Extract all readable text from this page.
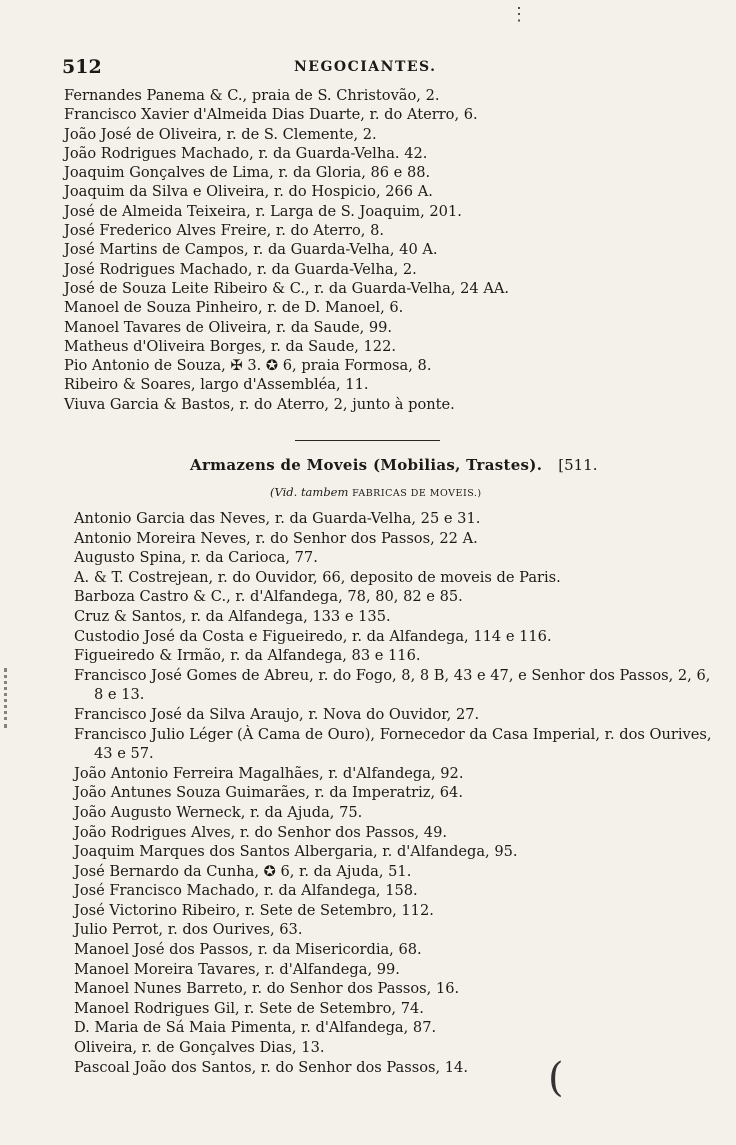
⋮
512	NEGOCIANTES.
Fernandes Panema & C., praia de S. Christovão, 2.
Francisco Xavier d'Almeida Dias Duarte, r. do Aterro, 6.
João José de Oliveira, r. de S. Clemente, 2.
João Rodrigues Machado, r. da Guarda-Velha. 42.
Joaquim Gonçalves de Lima, r. da Gloria, 86 e 88.
Joaquim da Silva e Oliveira, r. do Hospicio, 266 A.
José de Almeida Teixeira, r. Larga de S. Joaquim, 201.
José Frederico Alves Freire, r. do Aterro, 8.
José Martins de Campos, r. da Guarda-Velha, 40 A.
José Rodrigues Machado, r. da Guarda-Velha, 2.
José de Souza Leite Ribeiro & C., r. da Guarda-Velha, 24 AA.
Manoel de Souza Pinheiro, r. de D. Manoel, 6.
Manoel Tavares de Oliveira, r. da Saude, 99.
Matheus d'Oliveira Borges, r. da Saude, 122.
Pio Antonio de Souza, ✠ 3. ✪ 6, praia Formosa, 8.
Ribeiro & Soares, largo d'Assembléa, 11.
Viuva Garcia & Bastos, r. do Aterro, 2, junto à ponte.
Armazens de Moveis (Mobilias, Trastes). [511.
(Vid. tambem FABRICAS DE MOVEIS.)
Antonio Garcia das Neves, r. da Guarda-Velha, 25 e 31.
Antonio Moreira Neves, r. do Senhor dos Passos, 22 A.
Augusto Spina, r. da Carioca, 77.
A. & T. Costrejean, r. do Ouvidor, 66, deposito de moveis de Paris.
Barboza Castro & C., r. d'Alfandega, 78, 80, 82 e 85.
Cruz & Santos, r. da Alfandega, 133 e 135.
Custodio José da Costa e Figueiredo, r. da Alfandega, 114 e 116.
Figueiredo & Irmão, r. da Alfandega, 83 e 116.
Francisco José Gomes de Abreu, r. do Fogo, 8, 8 B, 43 e 47, e Senhor dos Passos, 2, 6, 8 e 13.
Francisco José da Silva Araujo, r. Nova do Ouvidor, 27.
Francisco Julio Léger (À Cama de Ouro), Fornecedor da Casa Imperial, r. dos Ourives, 43 e 57.
João Antonio Ferreira Magalhães, r. d'Alfandega, 92.
João Antunes Souza Guimarães, r. da Imperatriz, 64.
João Augusto Werneck, r. da Ajuda, 75.
João Rodrigues Alves, r. do Senhor dos Passos, 49.
Joaquim Marques dos Santos Albergaria, r. d'Alfandega, 95.
José Bernardo da Cunha, ✪ 6, r. da Ajuda, 51.
José Francisco Machado, r. da Alfandega, 158.
José Victorino Ribeiro, r. Sete de Setembro, 112.
Julio Perrot, r. dos Ourives, 63.
Manoel José dos Passos, r. da Misericordia, 68.
Manoel Moreira Tavares, r. d'Alfandega, 99.
Manoel Nunes Barreto, r. do Senhor dos Passos, 16.
Manoel Rodrigues Gil, r. Sete de Setembro, 74.
D. Maria de Sá Maia Pimenta, r. d'Alfandega, 87.
Oliveira, r. de Gonçalves Dias, 13.
Pascoal João dos Santos, r. do Senhor dos Passos, 14.	(
